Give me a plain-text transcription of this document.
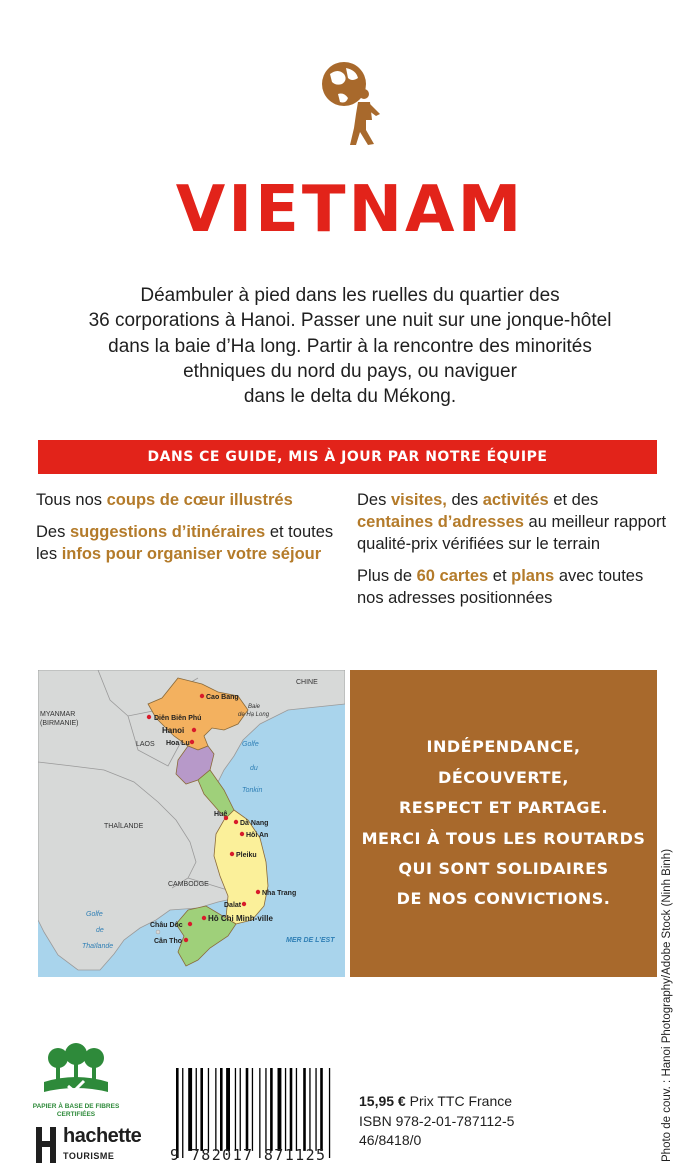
VIETNAM
Déambuler à pied dans les ruelles du quartier des
36 corporations à Hanoi. Passer une nuit sur une jonque-hôtel
dans la baie d’Ha long. Partir à la rencontre des minorités
ethniques du nord du pays, ou naviguer
dans le delta du Mékong.
DANS CE GUIDE, MIS À JOUR PAR NOTRE ÉQUIPE
Tous nos coups de cœur illustrés
Des suggestions d’itinéraires et toutes les infos pour organiser votre séjour
Des visites, des activités et des centaines d’adresses au meilleur rapport qualité-prix vérifiées sur le terrain
Plus de 60 cartes et plans avec toutes nos adresses positionnées
CHINE
MYANMAR
(BIRMANIE)
LAOS
THAÏLANDE
CAMBODGE
Golfe
du
Tonkin
Golfe
de
Thaïlande
Baie
de Hạ Long
MER DE L’EST
Cao Bang
Diên Biên Phú
Hanoi
Hoa Lu
Huê
Dà Nang
Hôi An
Pleiku
Nha Trang
Dalat
Hô Chi Minh-ville
Châu Dôc
Cân Tho
INDÉPENDANCE,
DÉCOUVERTE,
RESPECT ET PARTAGE.
MERCI À TOUS LES ROUTARDS
QUI SONT SOLIDAIRES
DE NOS CONVICTIONS.	Photo de couv. : Hanoi Photography/Adobe Stock (Ninh Binh)
PAPIER À BASE DE FIBRES CERTIFIÉES
hachette
TOURISME	9 782017 871125
15,95 € Prix TTC France
ISBN 978-2-01-787112-5
46/8418/0
